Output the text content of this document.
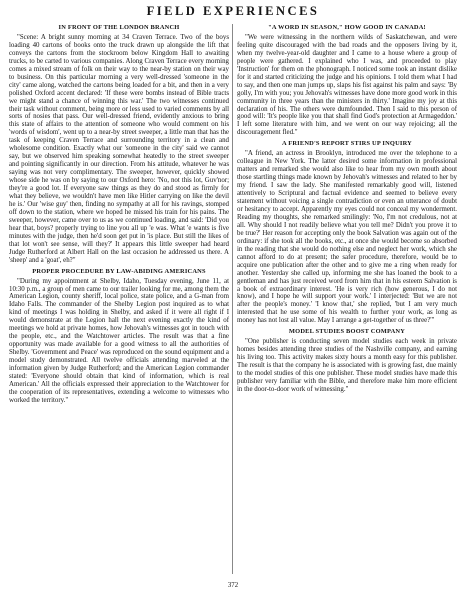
FIELD EXPERIENCES
IN FRONT OF THE LONDON BRANCH

"Scene: A bright sunny morning at 34 Craven Terrace. Two of the boys loading 40 cartons of books onto the truck drawn up alongside the lift that conveys the cartons from the stockroom below Kingdom Hall to awaiting trucks, to be carted to various companies. Along Craven Terrace every morning comes a mixed stream of folk on their way to the near-by station on their way to business. On this particular morning a very well-dressed 'someone in the city' came along, watched the cartons being loaded for a bit, and then in a very polished Oxford accent declared: 'If these were bombs instead of Bible tracts we might stand a chance of winning this war.' The two witnesses continued their task without comment, being more or less used to varied comments by all sorts of nosies that pass. Our well-dressed friend, evidently anxious to bring this state of affairs to the attention of someone who would comment on his 'words of wisdom', went up to a near-by street sweeper, a little man that has the task of keeping Craven Terrace and surrounding territory in a clean and wholesome condition. Exactly what our 'someone in the city' said we cannot say, but we observed him speaking somewhat heatedly to the street sweeper and pointing significantly in our direction. From his attitude, whatever he was saying was not very complimentary. The sweeper, however, quickly showed whose side he was on by saying to our Oxford hero: 'No, not this lot, Guv'nor; they're a good lot. If everyone saw things as they do and stood as firmly for what they believe, we wouldn't have men like Hitler carrying on like the devil he is.' Our 'wise guy' then, finding no sympathy at all for his ravings, stomped off down to the station, where we hoped he missed his train for his pains. The sweeper, however, came over to us as we continued loading, and said: 'Did you hear that, boys? properly trying to line you all up 'e was. What 'e wants is five minutes with the judge, then he'd soon get put in 'is place. But still the likes of that lot won't see sense, will they?' It appears this little sweeper had heard Judge Rutherford at Albert Hall on the last occasion he addressed us there. A 'sheep' and a 'goat', eh?"

PROPER PROCEDURE BY LAW-ABIDING AMERICANS

"During my appointment at Shelby, Idaho, Tuesday evening, June 11, at 10:30 p.m., a group of men came to our trailer looking for me, among them the American Legion, county sheriff, local police, state police, and a G-man from Idaho Falls. The commander of the Shelby Legion post inquired as to what kind of meetings I was holding in Shelby, and asked if it were all right if I would demonstrate at the Legion hall the next evening exactly the kind of meetings we hold at private homes, how Jehovah's witnesses got in touch with the people, etc., and the Watchtower articles. The result was that a fine opportunity was made available for a good witness to all the authorities of Shelby. 'Government and Peace' was reproduced on the sound equipment and a model study demonstrated. All twelve officials attending marveled at the information given by Judge Rutherford; and the American Legion commander stated: 'Everyone should obtain that kind of information, which is real American.' All the officials expressed their appreciation to the Watchtower for the cooperation of its representatives, extending a welcome to witnesses who worked the territory."

"A WORD IN SEASON," HOW GOOD IN CANADA!

"We were witnessing in the northern wilds of Saskatchewan, and were feeling quite discouraged with the bad roads and the opposers living by it, when my twelve-year-old daughter and I came to a house where a group of people were gathered. I explained who I was, and proceeded to play 'Instruction' for them on the phonograph. I noticed some took an instant dislike for it and started criticizing the judge and his opinions. I told them what I had to say, and then one man jumps up, slaps his fist against his palm and says: 'By golly, I'm with you; you Jehovah's witnesses have done more good work in this community in three years than the ministers in thirty.' Imagine my joy at this declaration of his. The others were dumfounded. Then I said to this person of good will: 'It's people like you that shall find God's protection at Armageddon.' I left some literature with him, and we went on our way rejoicing; all the discouragement fled."

A FRIEND'S REPORT STIRS UP INQUIRY

"A friend, an actress in Brooklyn, introduced me over the telephone to a colleague in New York. The latter desired some information in professional matters and remarked she would also like to hear from my own mouth about those startling things made known by Jehovah's witnesses and related to her by my friend. I saw the lady. She manifested remarkably good will, listened attentively to Scriptural and factual evidence and seemed to believe every statement without voicing a single contradiction or even an utterance of doubt or hesitancy to accept. Apparently my eyes could not conceal my wonderment. Reading my thoughts, she remarked smilingly: 'No, I'm not credulous, not at all. Why should I not readily believe what you tell me? Didn't you prove it to be true?' Her reason for accepting only the book Salvation was again out of the ordinary: if she took all the books, etc., at once she would become so absorbed in the reading that she would do nothing else and neglect her work, which she cannot afford to do at present; the safer procedure, therefore, would be to acquire one publication after the other and to give me a ring when ready for another. Yesterday she called up, informing me she has loaned the book to a gentleman and has just received word from him that in his esteem Salvation is a book of extraordinary interest. 'He is very rich (how generous, I do not know), and I hope he will support your work.' I interjected: 'But we are not after the people's money.' 'I know that,' she replied, 'but I am very much interested that he use some of his wealth to further your work, as long as money has not lost all value. May I arrange a get-together of us three?'"

MODEL STUDIES BOOST COMPANY

"One publisher is conducting seven model studies each week in private homes besides attending three studies of the Nashville company, and earning his living too. This activity makes sixty hours a month easy for this publisher. The result is that the company he is associated with is growing fast, due mainly to the model studies of this one publisher. These model studies have made this publisher very familiar with the Bible, and therefore make him more efficient in the door-to-door work of witnessing."

372
